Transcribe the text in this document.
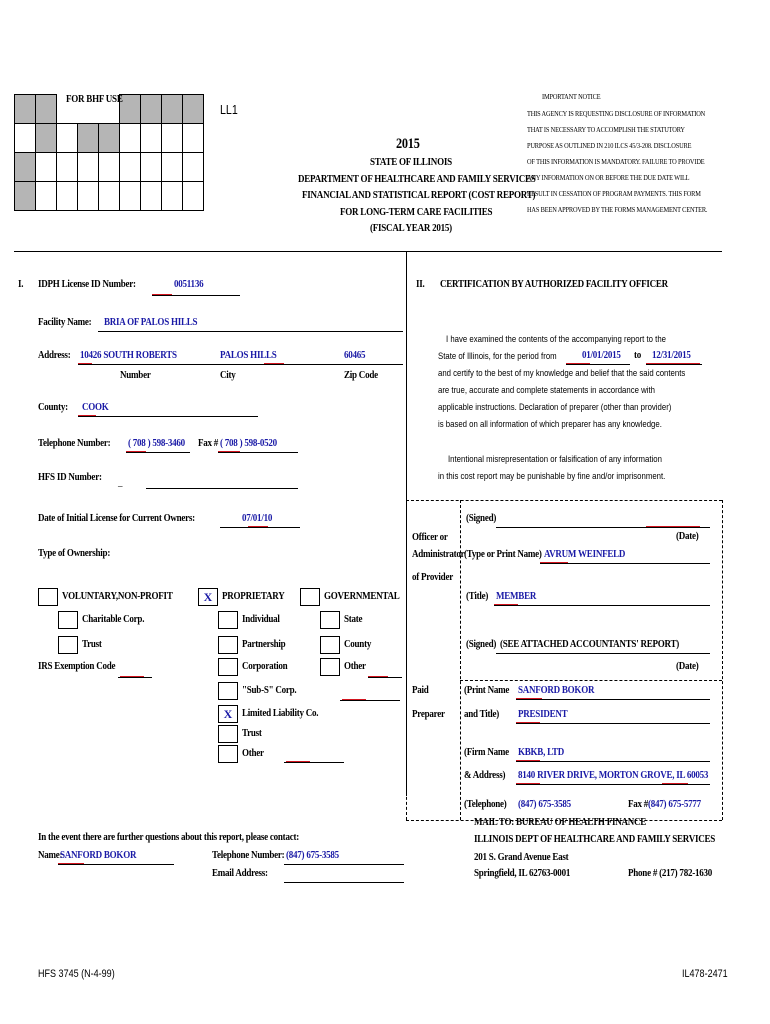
FOR BHF USE
LL1
2015
STATE OF ILLINOIS
DEPARTMENT OF HEALTHCARE AND FAMILY SERVICES
FINANCIAL AND STATISTICAL REPORT (COST REPORT)
FOR LONG-TERM CARE FACILITIES
(FISCAL YEAR 2015)
IMPORTANT NOTICE
THIS AGENCY IS REQUESTING DISCLOSURE OF INFORMATION
THAT IS NECESSARY TO ACCOMPLISH THE STATUTORY
PURPOSE AS OUTLINED IN 210 ILCS 45/3-208. DISCLOSURE
OF THIS INFORMATION IS MANDATORY. FAILURE TO PROVIDE
ANY INFORMATION ON OR BEFORE THE DUE DATE WILL
RESULT IN CESSATION OF PROGRAM PAYMENTS. THIS FORM
HAS BEEN APPROVED BY THE FORMS MANAGEMENT CENTER.
I. IDPH License ID Number:	0051136
Facility Name: BRIA OF PALOS HILLS
Address: 10426 SOUTH ROBERTS	PALOS HILLS	60465
Number	City	Zip Code
County: COOK
Telephone Number: ( 708 ) 598-3460 Fax # ( 708 ) 598-0520
HFS ID Number: _
Date of Initial License for Current Owners:	07/01/10
Type of Ownership:
VOLUNTARY,NON-PROFIT
Charitable Corp.
Trust
IRS Exemption Code
X PROPRIETARY
Individual
Partnership
Corporation
"Sub-S" Corp.
X Limited Liability Co.
Trust
Other
GOVERNMENTAL
State
County
Other
In the event there are further questions about this report, please contact:
Name:
SANFORD BOKOR	Telephone Number: (847) 675-3585
Email Address:
II. CERTIFICATION BY AUTHORIZED FACILITY OFFICER
I have examined the contents of the accompanying report to the
State of Illinois, for the period from 01/01/2015 to 12/31/2015
and certify to the best of my knowledge and belief that the said contents
are true, accurate and complete statements in accordance with
applicable instructions. Declaration of preparer (other than provider)
is based on all information of which preparer has any knowledge.
Intentional misrepresentation or falsification of any information
in this cost report may be punishable by fine and/or imprisonment.
Officer or
Administrator
of Provider
(Signed)
(Date)
(Type or Print Name) AVRUM WEINFELD
(Title) MEMBER
(Signed) (SEE ATTACHED ACCOUNTANTS' REPORT)
(Date)
Paid
Preparer
(Print Name SANFORD BOKOR
and Title) PRESIDENT
(Firm Name KBKB, LTD
& Address) 8140 RIVER DRIVE, MORTON GROVE, IL 60053
(Telephone) (847) 675-3585	Fax # (847) 675-5777
MAIL TO: BUREAU OF HEALTH FINANCE
ILLINOIS DEPT OF HEALTHCARE AND FAMILY SERVICES
201 S. Grand Avenue East
Springfield, IL 62763-0001	Phone # (217) 782-1630
HFS 3745 (N-4-99)	IL478-2471
